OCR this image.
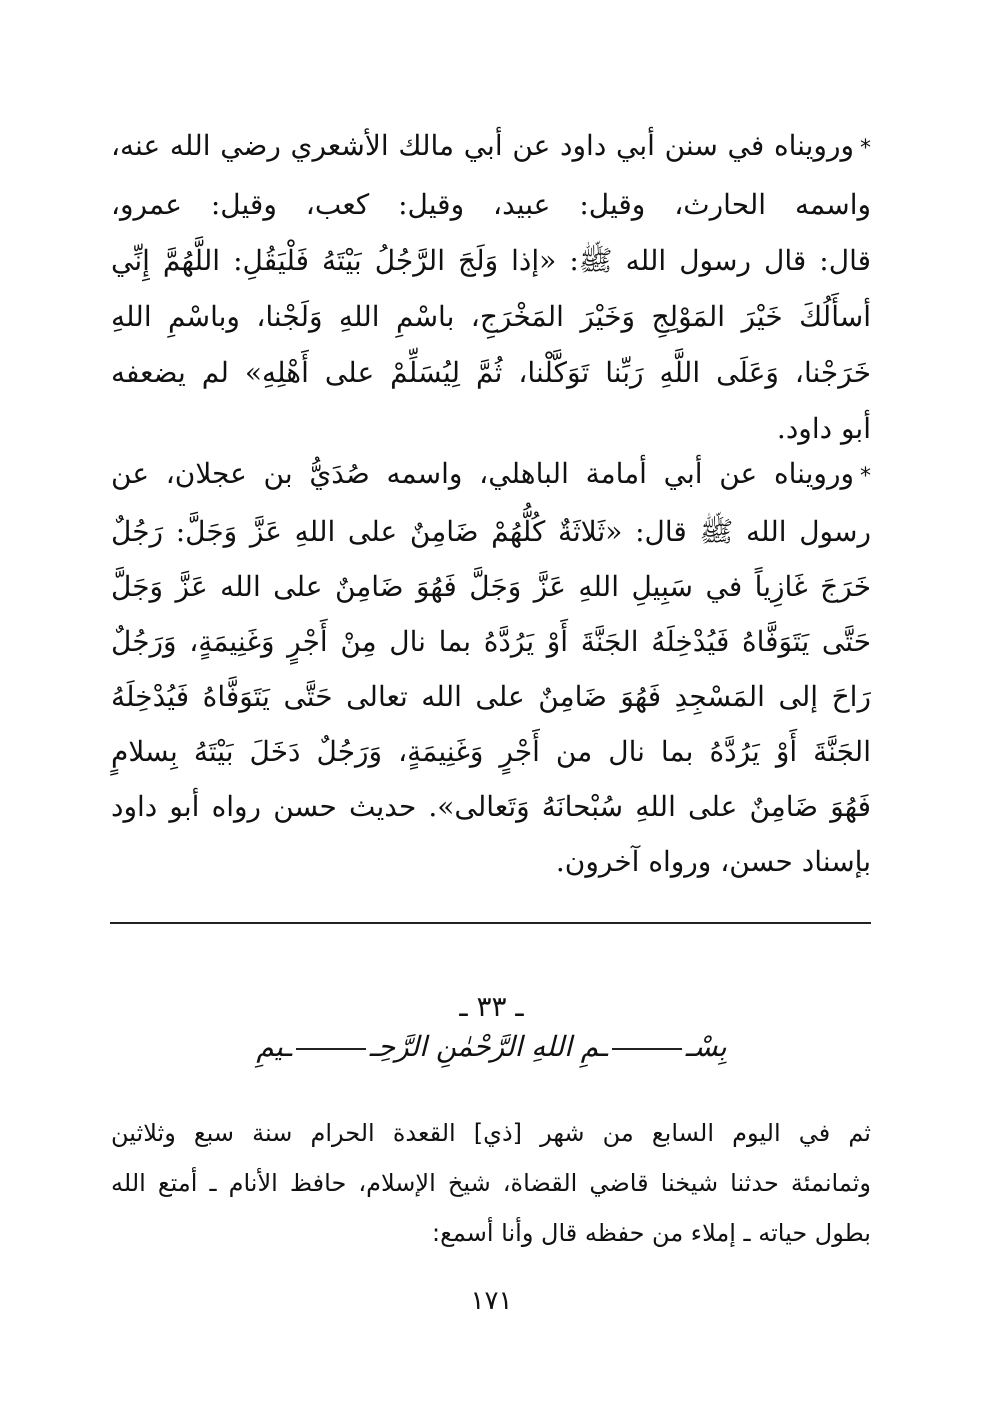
*ورويناه في سنن أبي داود عن أبي مالك الأشعري رضي الله عنه،
واسمه الحارث، وقيل: عبيد، وقيل: كعب، وقيل: عمرو،
قال: قال رسول الله ﷺ: «إذا وَلَجَ الرَّجُلُ بَيْتَهُ فَلْيَقُلِ: اللَّهُمَّ إِنِّي
أسأَلُكَ خَيْرَ المَوْلِجِ وَخَيْرَ المَخْرَجِ، باسْمِ اللهِ وَلَجْنا، وباسْمِ اللهِ
خَرَجْنا، وَعَلَى اللَّهِ رَبِّنا تَوَكَّلْنا، ثُمَّ لِيُسَلِّمْ على أَهْلِهِ» لم يضعفه
أبو داود.
*ورويناه عن أبي أمامة الباهلي، واسمه صُدَيُّ بن عجلان، عن
رسول الله ﷺ قال: «ثَلاثَةٌ كُلُّهُمْ ضَامِنٌ على اللهِ عَزَّ وَجَلَّ: رَجُلٌ
خَرَجَ غَازِياً في سَبِيلِ اللهِ عَزَّ وَجَلَّ فَهُوَ ضَامِنٌ على الله عَزَّ وَجَلَّ
حَتَّى يَتَوَفَّاهُ فَيُدْخِلَهُ الجَنَّةَ أَوْ يَرُدَّهُ بما نال مِنْ أَجْرٍ وَغَنِيمَةٍ، وَرَجُلٌ
رَاحَ إلى المَسْجِدِ فَهُوَ ضَامِنٌ على الله تعالى حَتَّى يَتَوَفَّاهُ فَيُدْخِلَهُ
الجَنَّةَ أَوْ يَرُدَّهُ بما نال من أَجْرٍ وَغَنِيمَةٍ، وَرَجُلٌ دَخَلَ بَيْتَهُ بِسلامٍ
فَهُوَ ضَامِنٌ على اللهِ سُبْحانَهُ وَتَعالى». حديث حسن رواه أبو داود
بإسناد حسن، ورواه آخرون.
ـ ٣٣ ـ
بِسْــمِ اللهِ الرَّحْمٰنِ الرَّحِــيمِ
ثم في اليوم السابع من شهر [ذي] القعدة الحرام سنة سبع وثلاثين
وثمانمئة حدثنا شيخنا قاضي القضاة، شيخ الإسلام، حافظ الأنام ـ أمتع الله
بطول حياته ـ إملاء من حفظه قال وأنا أسمع:
١٧١
